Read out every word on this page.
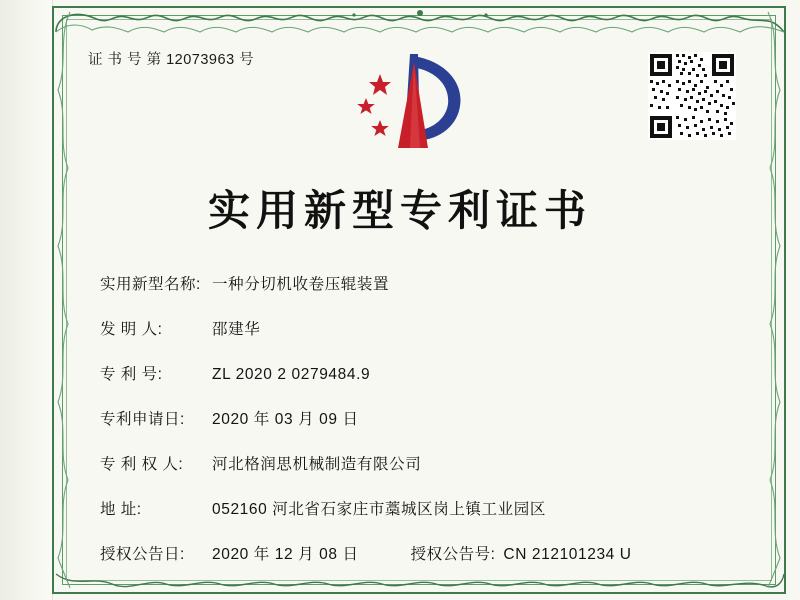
证 书 号 第 12073963 号
实用新型专利证书
实用新型名称: 一种分切机收卷压辊装置
发 明 人:	邵建华
专 利 号:	ZL 2020 2 0279484.9
专利申请日:	2020 年 03 月 09 日
专 利 权 人:	河北格润思机械制造有限公司
地 址:	052160 河北省石家庄市藁城区岗上镇工业园区
授权公告日:	2020 年 12 月 08 日	授权公告号: CN 212101234 U
